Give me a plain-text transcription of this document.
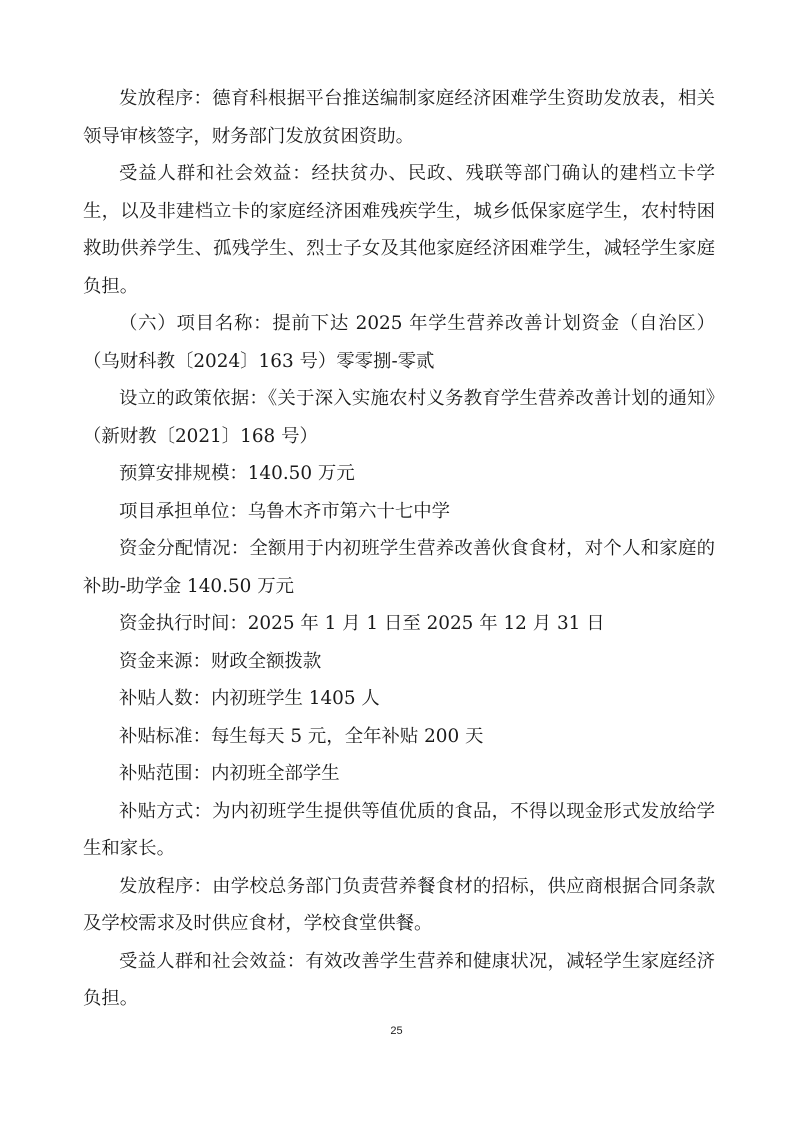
发放程序：德育科根据平台推送编制家庭经济困难学生资助发放表，相关领导审核签字，财务部门发放贫困资助。

受益人群和社会效益：经扶贫办、民政、残联等部门确认的建档立卡学生，以及非建档立卡的家庭经济困难残疾学生，城乡低保家庭学生，农村特困救助供养学生、孤残学生、烈士子女及其他家庭经济困难学生，减轻学生家庭负担。

（六）项目名称：提前下达 2025 年学生营养改善计划资金（自治区）（乌财科教〔2024〕163 号）零零捌-零贰

设立的政策依据：《关于深入实施农村义务教育学生营养改善计划的通知》（新财教〔2021〕168 号）

预算安排规模：140.50 万元

项目承担单位：乌鲁木齐市第六十七中学

资金分配情况：全额用于内初班学生营养改善伙食食材，对个人和家庭的补助-助学金 140.50 万元

资金执行时间：2025 年 1 月 1 日至 2025 年 12 月 31 日

资金来源：财政全额拨款

补贴人数：内初班学生 1405 人

补贴标准：每生每天 5 元，全年补贴 200 天

补贴范围：内初班全部学生

补贴方式：为内初班学生提供等值优质的食品，不得以现金形式发放给学生和家长。

发放程序：由学校总务部门负责营养餐食材的招标，供应商根据合同条款及学校需求及时供应食材，学校食堂供餐。

受益人群和社会效益：有效改善学生营养和健康状况，减轻学生家庭经济负担。

25
